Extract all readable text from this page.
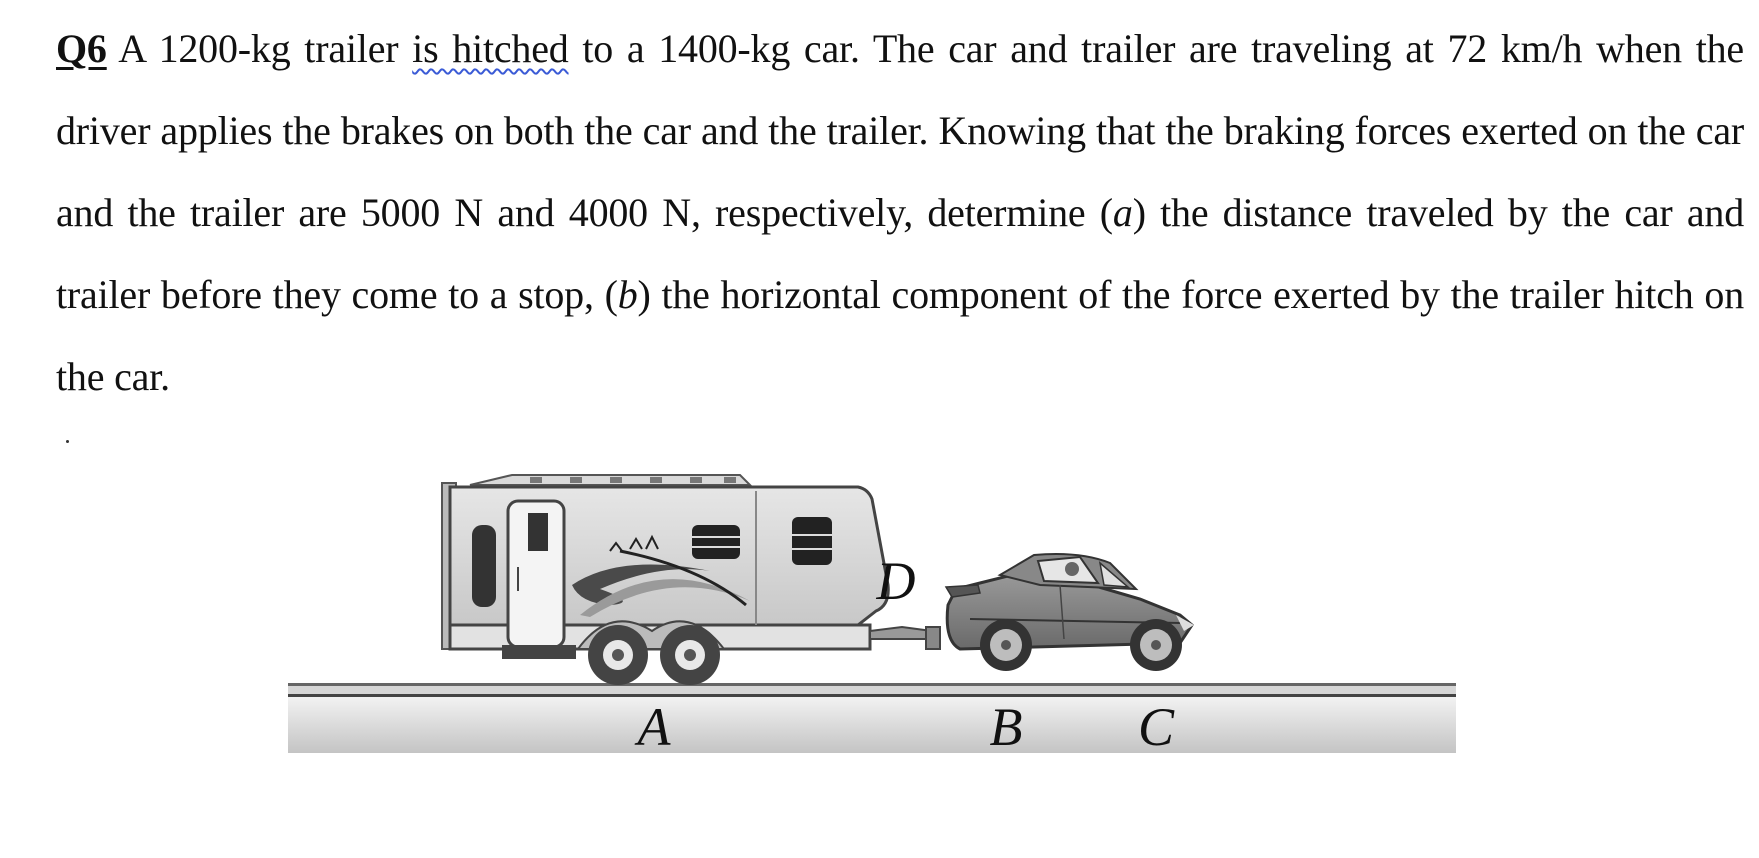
Q6 A 1200-kg trailer is hitched to a 1400-kg car. The car and trailer are traveling at 72 km/h when the driver applies the brakes on both the car and the trailer. Knowing that the braking forces exerted on the car and the trailer are 5000 N and 4000 N, respectively, determine (a) the distance traveled by the car and trailer before they come to a stop, (b) the horizontal component of the force exerted by the trailer hitch on the car.
A	B C
D
